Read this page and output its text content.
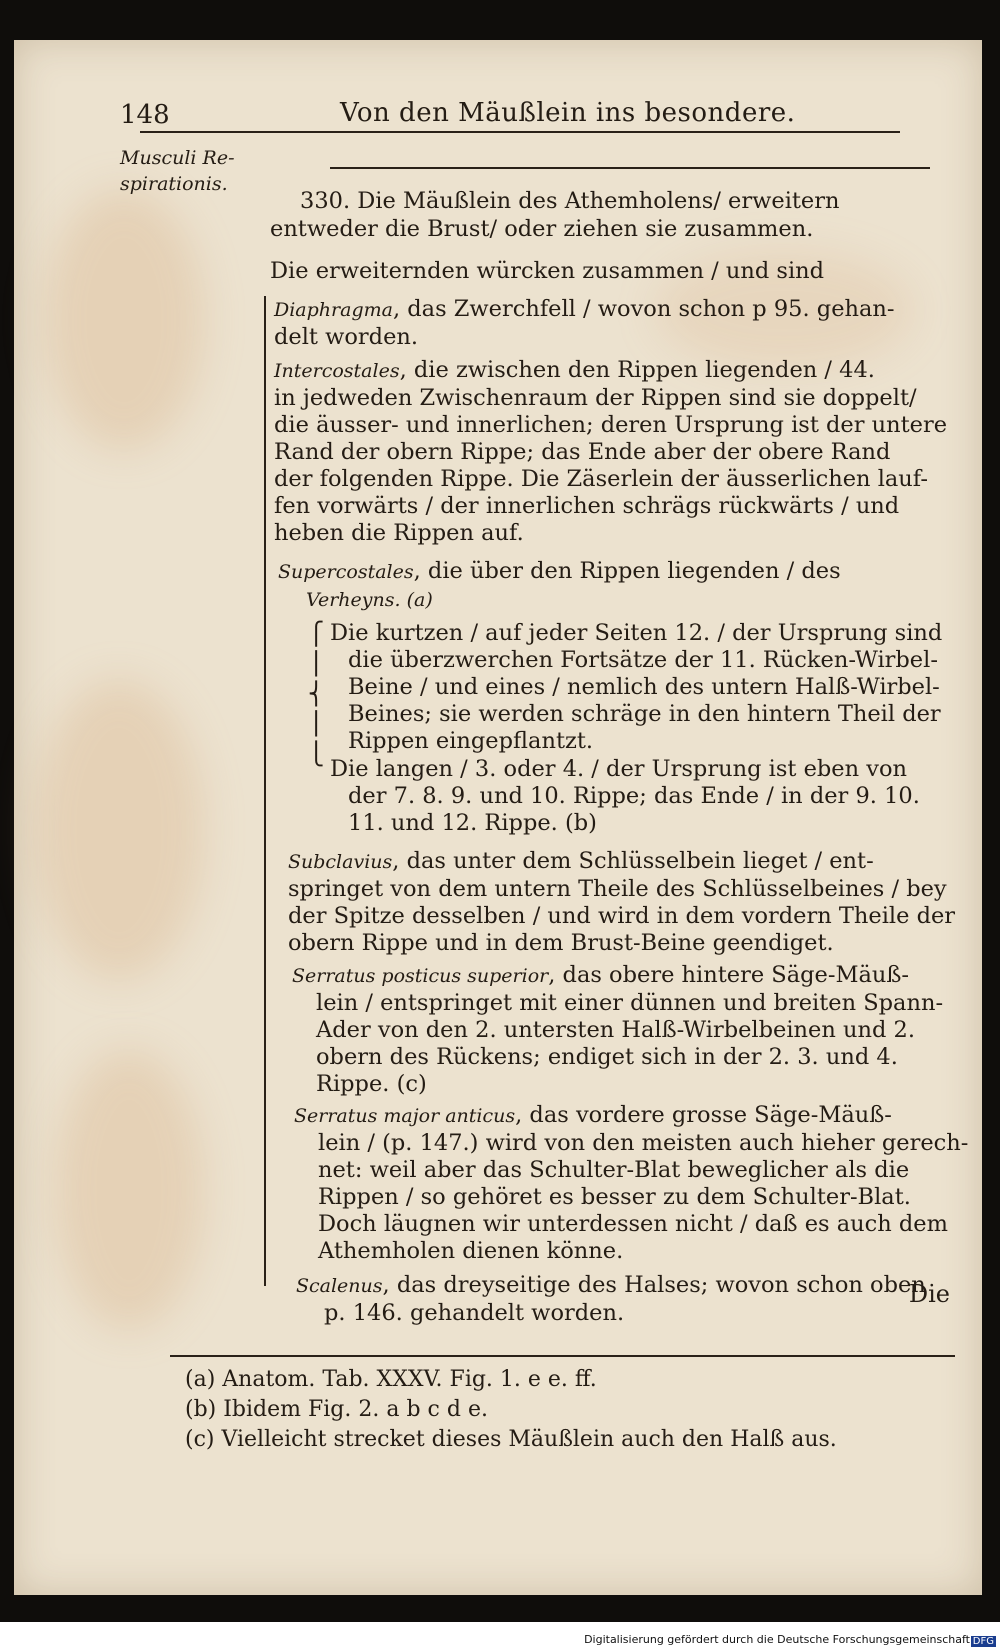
148	Von den Mäußlein ins besondere.
Musculi Re-
spirationis.
330. Die Mäußlein des Athemholens/ erweitern
entweder die Brust/ oder ziehen sie zusammen.
Die erweiternden würcken zusammen / und sind
Diaphragma, das Zwerchfell / wovon schon p 95. gehan-
delt worden.
Intercostales, die zwischen den Rippen liegenden / 44.
in jedweden Zwischenraum der Rippen sind sie doppelt/
die äusser- und innerlichen; deren Ursprung ist der untere
Rand der obern Rippe; das Ende aber der obere Rand
der folgenden Rippe. Die Zäserlein der äusserlichen lauf-
fen vorwärts / der innerlichen schrägs rückwärts / und
heben die Rippen auf.
Supercostales, die über den Rippen liegenden / des
Verheyns. (a)
⎧
⎪
⎨
⎪
⎩
Die kurtzen / auf jeder Seiten 12. / der Ursprung sind
die überzwerchen Fortsätze der 11. Rücken-Wirbel-
Beine / und eines / nemlich des untern Halß-Wirbel-
Beines; sie werden schräge in den hintern Theil der
Rippen eingepflantzt.
Die langen / 3. oder 4. / der Ursprung ist eben von
der 7. 8. 9. und 10. Rippe; das Ende / in der 9. 10.
11. und 12. Rippe. (b)
Subclavius, das unter dem Schlüsselbein lieget / ent-
springet von dem untern Theile des Schlüsselbeines / bey
der Spitze desselben / und wird in dem vordern Theile der
obern Rippe und in dem Brust-Beine geendiget.
Serratus posticus superior, das obere hintere Säge-Mäuß-
lein / entspringet mit einer dünnen und breiten Spann-
Ader von den 2. untersten Halß-Wirbelbeinen und 2.
obern des Rückens; endiget sich in der 2. 3. und 4.
Rippe. (c)
Serratus major anticus, das vordere grosse Säge-Mäuß-
lein / (p. 147.) wird von den meisten auch hieher gerech-
net: weil aber das Schulter-Blat beweglicher als die
Rippen / so gehöret es besser zu dem Schulter-Blat.
Doch läugnen wir unterdessen nicht / daß es auch dem
Athemholen dienen könne.
Scalenus, das dreyseitige des Halses; wovon schon oben
p. 146. gehandelt worden.
Die
(a) Anatom. Tab. XXXV. Fig. 1. e e. ff.
(b) Ibidem Fig. 2. a b c d e.
(c) Vielleicht strecket dieses Mäußlein auch den Halß aus.
Digitalisierung gefördert durch die Deutsche Forschungsgemeinschaft DFG
